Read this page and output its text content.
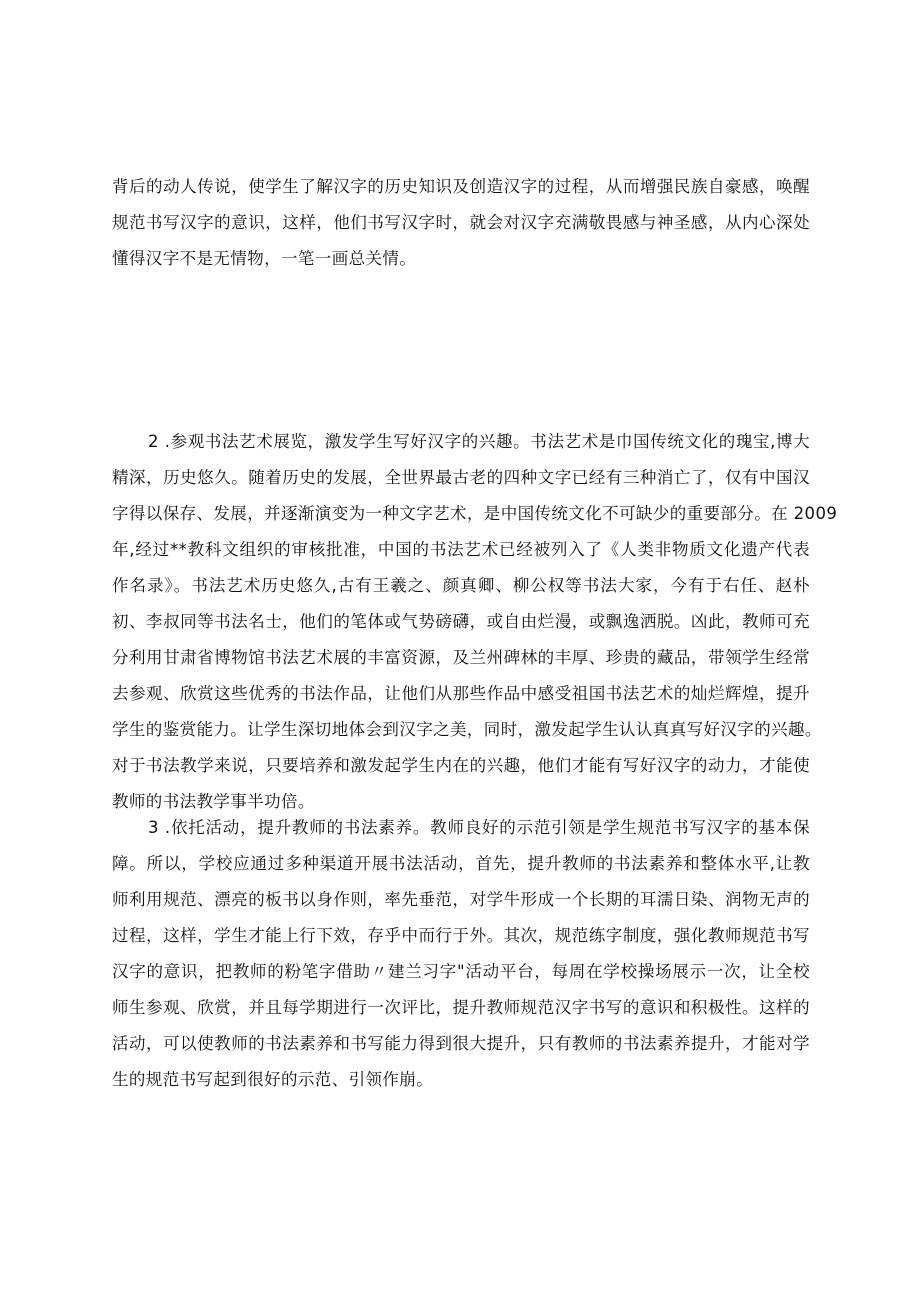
背后的动人传说，使学生了解汉字的历史知识及创造汉字的过程，从而增强民族自豪感，唤醒
规范书写汉字的意识，这样，他们书写汉字时，就会对汉字充满敬畏感与神圣感，从内心深处
懂得汉字不是无情物，一笔一画总关情。
2 .参观书法艺术展览，激发学生写好汉字的兴趣。书法艺术是巾国传统文化的瑰宝,博大
精深，历史悠久。随着历史的发展，全世界最古老的四种文字已经有三种消亡了，仅有中国汉
字得以保存、发展，并逐渐演变为一种文字艺术，是中国传统文化不可缺少的重要部分。在 2009
年,经过**教科文组织的审核批准，中国的书法艺术已经被列入了《人类非物质文化遗产代表
作名录》。书法艺术历史悠久,古有王羲之、颜真卿、柳公权等书法大家，今有于右任、赵朴
初、李叔同等书法名士，他们的笔体或气势磅礴，或自由烂漫，或飘逸洒脱。凶此，教师可充
分利用甘肃省博物馆书法艺术展的丰富资源，及兰州碑林的丰厚、珍贵的藏品，带领学生经常
去参观、欣赏这些优秀的书法作品，让他们从那些作品中感受祖国书法艺术的灿烂辉煌，提升
学生的鉴赏能力。让学生深切地体会到汉字之美，同时，激发起学生认认真真写好汉字的兴趣。
对于书法教学来说，只要培养和激发起学生内在的兴趣，他们才能有写好汉字的动力，才能使
教师的书法教学事半功倍。
3 .依托活动，提升教师的书法素养。教师良好的示范引领是学生规范书写汉字的基本保
障。所以，学校应通过多种渠道开展书法活动，首先，提升教师的书法素养和整体水平,让教
师利用规范、漂亮的板书以身作则，率先垂范，对学牛形成一个长期的耳濡日染、润物无声的
过程，这样，学生才能上行下效，存乎中而行于外。其次，规范练字制度，强化教师规范书写
汉字的意识，把教师的粉笔字借助〃建兰习字"活动平台，每周在学校操场展示一次，让全校
师生参观、欣赏，并且每学期进行一次评比，提升教师规范汉字书写的意识和积极性。这样的
活动，可以使教师的书法素养和书写能力得到很大提升，只有教师的书法素养提升，才能对学
生的规范书写起到很好的示范、引领作崩。
